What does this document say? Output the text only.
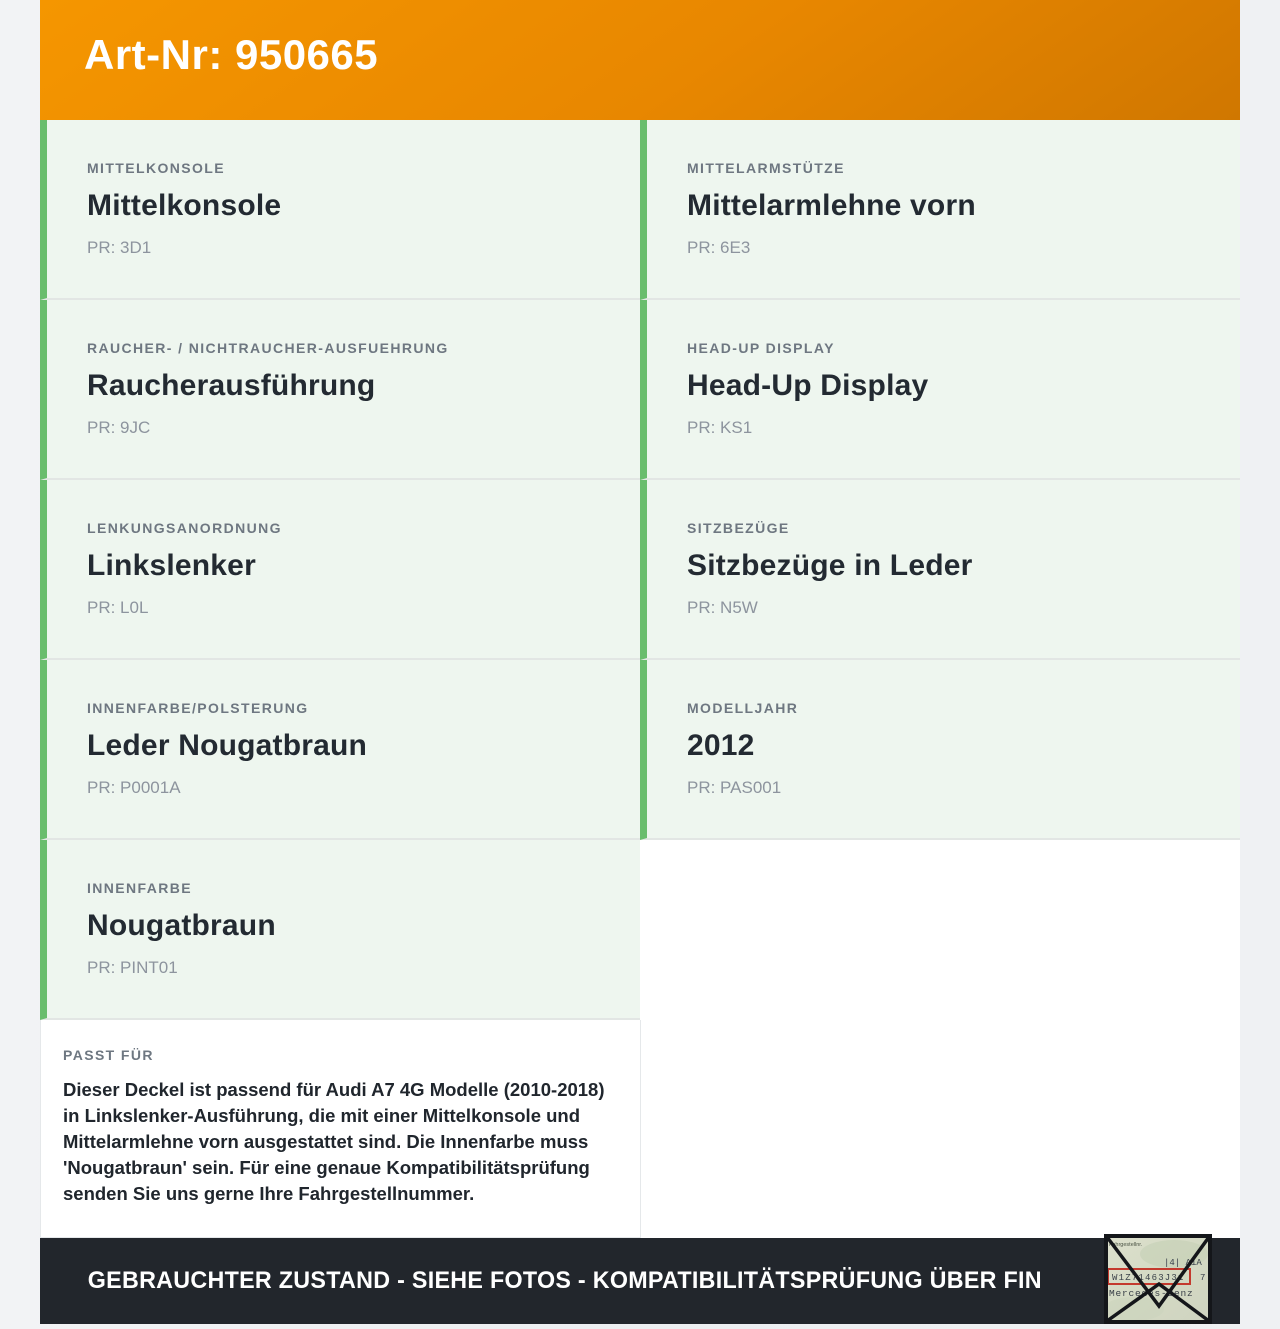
Art-Nr: 950665
MITTELKONSOLE
Mittelkonsole
PR: 3D1
MITTELARMSTÜTZE
Mittelarmlehne vorn
PR: 6E3
RAUCHER- / NICHTRAUCHER-AUSFUEHRUNG
Raucherausführung
PR: 9JC
HEAD-UP DISPLAY
Head-Up Display
PR: KS1
LENKUNGSANORDNUNG
Linkslenker
PR: L0L
SITZBEZÜGE
Sitzbezüge in Leder
PR: N5W
INNENFARBE/POLSTERUNG
Leder Nougatbraun
PR: P0001A
MODELLJAHR
2012
PR: PAS001
INNENFARBE
Nougatbraun
PR: PINT01
PASST FÜR
Dieser Deckel ist passend für Audi A7 4G Modelle (2010-2018) in Linkslenker-Ausführung, die mit einer Mittelkonsole und Mittelarmlehne vorn ausgestattet sind. Die Innenfarbe muss 'Nougatbraun' sein. Für eine genaue Kompatibilitätsprüfung senden Sie uns gerne Ihre Fahrgestellnummer.
GEBRAUCHTER ZUSTAND - SIEHE FOTOS - KOMPATIBILITÄTSPRÜFUNG ÜBER FIN
Fahrgestellnr.
|4| AiA
W1Z71463J31 7
Mercedes-Benz
